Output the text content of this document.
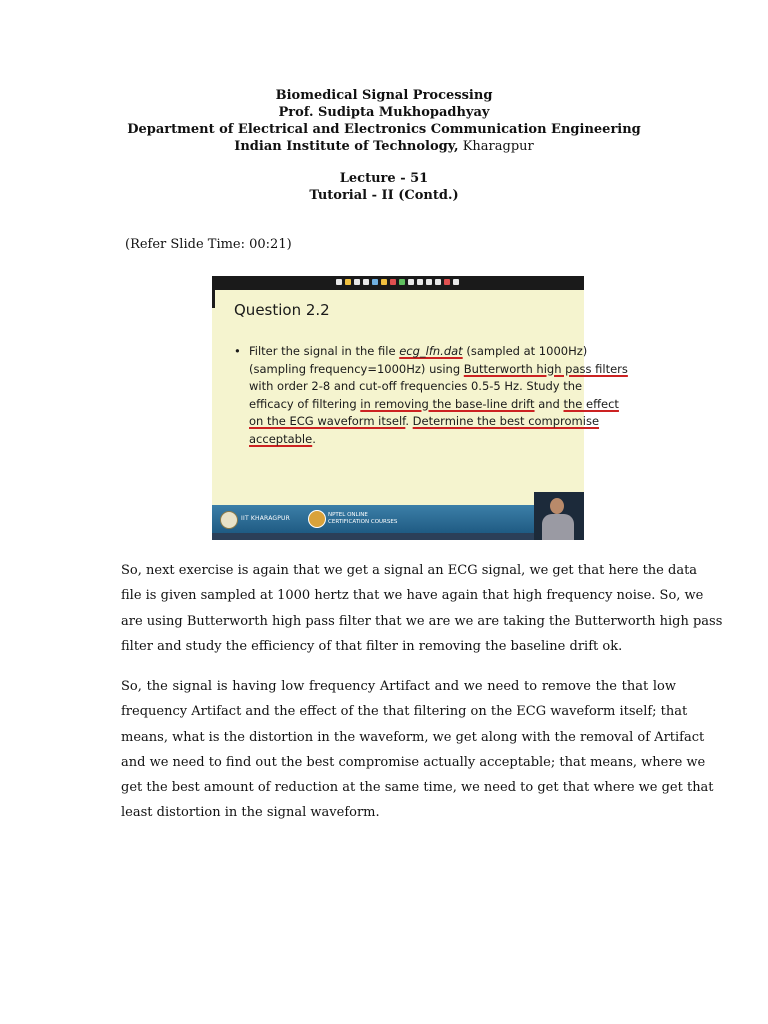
Biomedical Signal Processing
Prof. Sudipta Mukhopadhyay
Department of Electrical and Electronics Communication Engineering
Indian Institute of Technology, Kharagpur
Lecture - 51
Tutorial - II (Contd.)
(Refer Slide Time: 00:21)
Question 2.2
• Filter the signal in the file ecg_lfn.dat (sampled at 1000Hz)
(sampling frequency=1000Hz) using Butterworth high pass filters
with order 2-8 and cut-off frequencies 0.5-5 Hz. Study the
efficacy of filtering in removing the base-line drift and the effect
on the ECG waveform itself. Determine the best compromise
acceptable.
IIT KHARAGPUR	NPTEL ONLINE
CERTIFICATION COURSES
So, next exercise is again that we get a signal an ECG signal, we get that here the data
file is given sampled at 1000 hertz that we have again that high frequency noise. So, we
are using Butterworth high pass filter that we are we are taking the Butterworth high pass
filter and study the efficiency of that filter in removing the baseline drift ok.
So, the signal is having low frequency Artifact and we need to remove the that low
frequency Artifact and the effect of the that filtering on the ECG waveform itself; that
means, what is the distortion in the waveform, we get along with the removal of Artifact
and we need to find out the best compromise actually acceptable; that means, where we
get the best amount of reduction at the same time, we need to get that where we get that
least distortion in the signal waveform.
